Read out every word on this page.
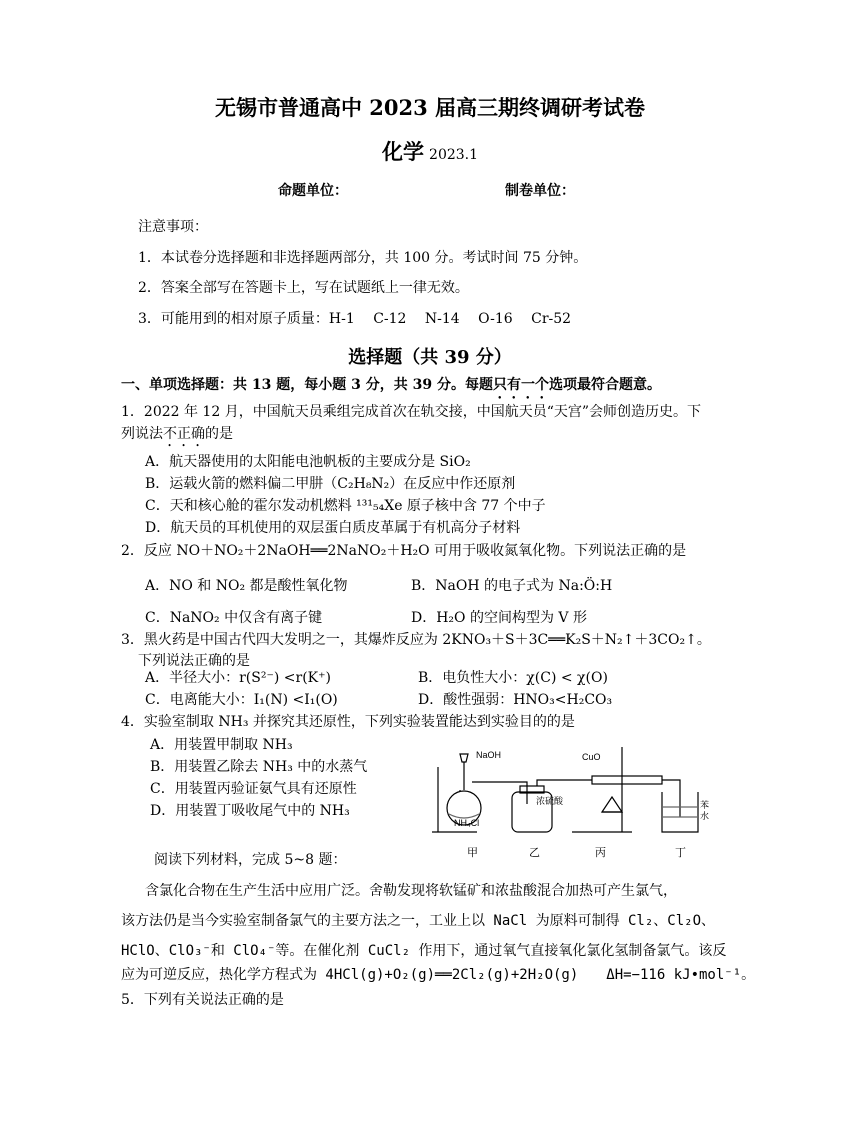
无锡市普通高中 2023 届高三期终调研考试卷
化学 2023.1
命题单位：	制卷单位：
注意事项：
1．本试卷分选择题和非选择题两部分，共 100 分。考试时间 75 分钟。
2．答案全部写在答题卡上，写在试题纸上一律无效。
3．可能用到的相对原子质量：H-1　 C-12　 N-14　 O-16　 Cr-52
选择题（共 39 分）
一、单项选择题：共 13 题，每小题 3 分，共 39 分。每题只有一个选项最符合题意。
1．2022 年 12 月，中国航天员乘组完成首次在轨交接，中国航天员“天宫”会师创造历史。下
列说法不正确的是
A．航天器使用的太阳能电池帆板的主要成分是 SiO₂
B．运载火箭的燃料偏二甲肼（C₂H₈N₂）在反应中作还原剂
C．天和核心舱的霍尔发动机燃料 ¹³¹₅₄Xe 原子核中含 77 个中子
D．航天员的耳机使用的双层蛋白质皮革属于有机高分子材料
2．反应 NO＋NO₂＋2NaOH══2NaNO₂＋H₂O 可用于吸收氮氧化物。下列说法正确的是
A．NO 和 NO₂ 都是酸性氧化物	B．NaOH 的电子式为 Na:Ö:H
C．NaNO₂ 中仅含有离子键	D．H₂O 的空间构型为 V 形
3．黑火药是中国古代四大发明之一，其爆炸反应为 2KNO₃＋S＋3C══K₂S＋N₂↑＋3CO₂↑。
下列说法正确的是
A．半径大小：r(S²⁻) <r(K⁺)	B．电负性大小：χ(C) < χ(O)
C．电离能大小：I₁(N) <I₁(O)	D．酸性强弱：HNO₃<H₂CO₃
4．实验室制取 NH₃ 并探究其还原性，下列实验装置能达到实验目的的是
A．用装置甲制取 NH₃
B．用装置乙除去 NH₃ 中的水蒸气
C．用装置丙验证氨气具有还原性
D．用装置丁吸收尾气中的 NH₃
NaOH	CuO
NH₄Cl
浓硫酸	苯
水
甲	乙	丙	丁
阅读下列材料，完成 5~8 题：
含氯化合物在生产生活中应用广泛。舍勒发现将软锰矿和浓盐酸混合加热可产生氯气，
该方法仍是当今实验室制备氯气的主要方法之一，工业上以 NaCl 为原料可制得 Cl₂、Cl₂O、
HClO、ClO₃⁻和 ClO₄⁻等。在催化剂 CuCl₂ 作用下，通过氧气直接氧化氯化氢制备氯气。该反
应为可逆反应，热化学方程式为 4HCl(g)+O₂(g)══2Cl₂(g)+2H₂O(g)　　ΔH=−116 kJ•mol⁻¹。
5．下列有关说法正确的是
